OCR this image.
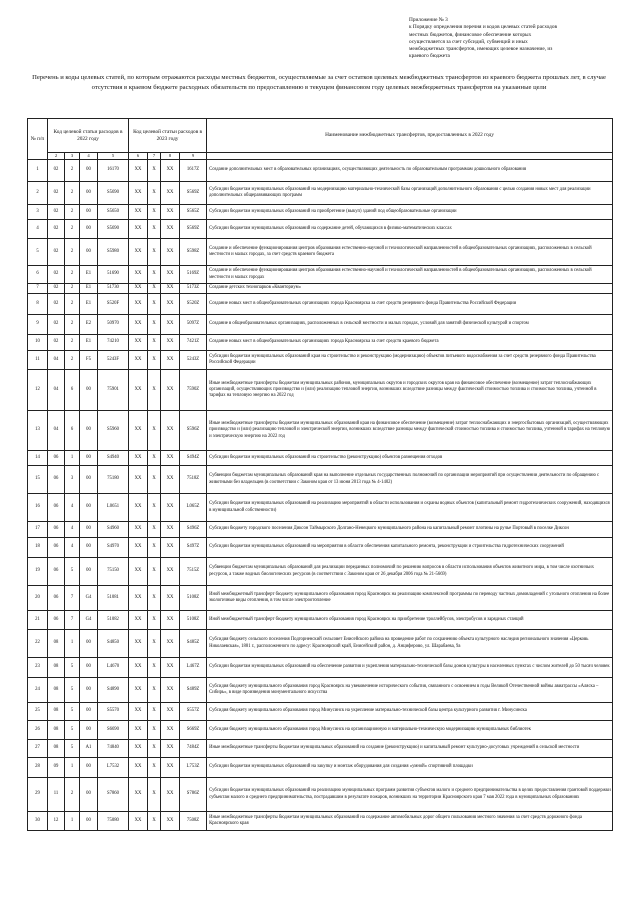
Приложение № 3
к Порядку определения перечня и кодов целевых статей расходов
местных бюджетов, финансовое обеспечение которых
осуществляется за счет субсидий, субвенций и иных
межбюджетных трансфертов, имеющих целевое назначение, из
краевого бюджета
Перечень и коды целевых статей, по которым отражаются расходы местных бюджетов, осуществляемые за счет остатков целевых межбюджетных трансфертов из краевого бюджета прошлых лет, в случае отсутствия в краевом бюджете расходных обязательств по предоставлению в текущем финансовом году целевых межбюджетных трансфертов на указанные цели
№ п/п	Код целевой статьи расходов в 2022 году				Код целевой статьи расходов в 2023 году				Наименование межбюджетных трансфертов, предоставленных в 2022 году
	2	3	4	5	6	7	8	9	
1	02	2	00	16170	XX	X	XX	1617Z	Создание дополнительных мест в образовательных организациях, осуществляющих деятельность по образовательным программам дошкольного образования
2	02	2	00	S5690	XX	X	XX	S569Z	Субсидии бюджетам муниципальных образований на модернизацию материально-технической базы организаций дополнительного образования с целью создания новых мест для реализации дополнительных общеразвивающих программ
3	02	2	00	S5650	XX	X	XX	S565Z	Субсидии бюджетам муниципальных образований на приобретение (выкуп) зданий под общеобразовательные организации
4	02	2	00	S5690	XX	X	XX	S569Z	Субсидии бюджетам муниципальных образований на содержание детей, обучающихся в физико-математических классах
5	02	2	00	S5980	XX	X	XX	S598Z	Создание и обеспечение функционирования центров образования естественно-научной и технологической направленностей в общеобразовательных организациях, расположенных в сельской местности и малых городах, за счет средств краевого бюджета
6	02	2	E1	51690	XX	X	XX	5169Z	Создание и обеспечение функционирования центров образования естественно-научной и технологической направленностей в общеобразовательных организациях, расположенных в сельской местности и малых городах
7	02	2	E1	51730	XX	X	XX	5173Z	Создание детских технопарков «Кванториум»
8	02	2	E1	S520F	XX	X	XX	S520Z	Создание новых мест в общеобразовательных организациях города Красноярска за счет средств резервного фонда Правительства Российской Федерации
9	02	2	E2	50970	XX	X	XX	5097Z	Создание в общеобразовательных организациях, расположенных в сельской местности и малых городах, условий для занятий физической культурой и спортом
10	02	2	E1	74210	XX	X	XX	7421Z	Создание новых мест в общеобразовательных организациях города Красноярска за счет средств краевого бюджета
11	04	2	F5	5243F	XX	X	XX	5243Z	Субсидии бюджетам муниципальных образований края на строительство и реконструкцию (модернизацию) объектов питьевого водоснабжения за счет средств резервного фонда Правительства Российской Федерации
12	04	6	00	75901	XX	X	XX	7590Z	Иные межбюджетные трансферты бюджетам муниципальных районов, муниципальных округов и городских округов края на финансовое обеспечение (возмещение) затрат теплоснабжающих организаций, осуществляющих производство и (или) реализацию тепловой энергии, возникших вследствие разницы между фактической стоимостью топлива и стоимостью топлива, учтенной в тарифах на тепловую энергию на 2022 год
13	04	6	00	S5960	XX	X	XX	S596Z	Иные межбюджетные трансферты бюджетам муниципальных образований края на финансовое обеспечение (возмещение) затрат теплоснабжающих и энергосбытовых организаций, осуществляющих производство и (или) реализацию тепловой и электрической энергии, возникших вследствие разницы между фактической стоимостью топлива и стоимостью топлива, учтенной в тарифах на тепловую и электрическую энергию на 2022 год
14	06	1	00	S4940	XX	X	XX	S494Z	Субсидии бюджетам муниципальных образований на строительство (реконструкцию) объектов размещения отходов
15	06	3	00	75180	XX	X	XX	7518Z	Субвенции бюджетам муниципальных образований края на выполнение отдельных государственных полномочий по организации мероприятий при осуществлении деятельности по обращению с животными без владельцев (в соответствии с Законом края от 13 июня 2013 года № 4-1402)
16	06	4	00	L0651	XX	X	XX	L065Z	Субсидии бюджетам муниципальных образований на реализацию мероприятий в области использования и охраны водных объектов (капитальный ремонт гидротехнических сооружений, находящихся в муниципальной собственности)
17	06	4	00	S4960	XX	X	XX	S496Z	Субсидии бюджету городского поселения Диксон Таймырского Долгано-Ненецкого муниципального района на капитальный ремонт плотины на ручье Портовый в поселке Диксон
18	06	4	00	S4970	XX	X	XX	S497Z	Субсидии бюджетам муниципальных образований на мероприятия в области обеспечения капитального ремонта, реконструкции и строительства гидротехнических сооружений
19	06	5	00	75150	XX	X	XX	7515Z	Субвенции бюджетам муниципальных образований для реализации переданных полномочий по решению вопросов в области использования объектов животного мира, в том числе охотничьих ресурсов, а также водных биологических ресурсов (в соответствии с Законом края от 26 декабря 2006 года № 21-5669)
20	06	7	G4	51081	XX	X	XX	5108Z	Иной межбюджетный трансферт бюджету муниципального образования город Красноярск на реализацию комплексной программы по переводу частных домовладений с угольного отопления на более экологичные виды отопления, в том числе электроотопление
21	06	7	G4	51082	XX	X	XX	5108Z	Иной межбюджетный трансферт бюджету муниципального образования город Красноярск на приобретение троллейбусов, электробусов и зарядных станций
22	08	1	00	S4850	XX	X	XX	S485Z	Субсидия бюджету сельского поселения Подгорненский сельсовет Енисейского района на проведение работ по сохранению объекта культурного наследия регионального значения «Церковь Николаевская», 1881 г., расположенного по адресу: Красноярский край, Енисейский район, д. Анциферово, ул. Шарабаева, 9а
23	08	5	00	L4670	XX	X	XX	L467Z	Субсидии бюджетам муниципальных образований на обеспечение развития и укрепления материально-технической базы домов культуры в населенных пунктах с числом жителей до 50 тысяч человек
24	08	5	00	S4890	XX	X	XX	S489Z	Субсидия бюджету муниципального образования город Красноярск на увековечение исторического события, связанного с освоением в годы Великой Отечественной войны авиатрассы «Аляска – Сибирь», в виде произведения монументального искусства
25	08	5	00	S5570	XX	X	XX	S557Z	Субсидия бюджету муниципального образования город Минусинск на укрепление материально-технической базы центра культурного развития г. Минусинска
26	08	5	00	S6690	XX	X	XX	S669Z	Субсидия бюджету муниципального образования город Минусинск на организационную и материально-техническую модернизацию муниципальных библиотек
27	08	5	A1	74840	XX	X	XX	7484Z	Иные межбюджетные трансферты бюджетам муниципальных образований на создание (реконструкцию) и капитальный ремонт культурно-досуговых учреждений в сельской местности
28	09	1	00	L7532	XX	X	XX	L753Z	Субсидии бюджетам муниципальных образований на закупку и монтаж оборудования для создания «умной» спортивной площадки
29	11	2	00	S7860	XX	X	XX	S786Z	Субсидии бюджетам муниципальных образований на реализацию муниципальных программ развития субъектов малого и среднего предпринимательства в целях предоставления грантовой поддержки субъектам малого и среднего предпринимательства, пострадавшим в результате пожаров, возникших на территории Красноярского края 7 мая 2022 года в муниципальных образованиях
30	12	1	00	75080	XX	X	XX	7508Z	Иные межбюджетные трансферты бюджетам муниципальных образований на содержание автомобильных дорог общего пользования местного значения за счет средств дорожного фонда Красноярского края
